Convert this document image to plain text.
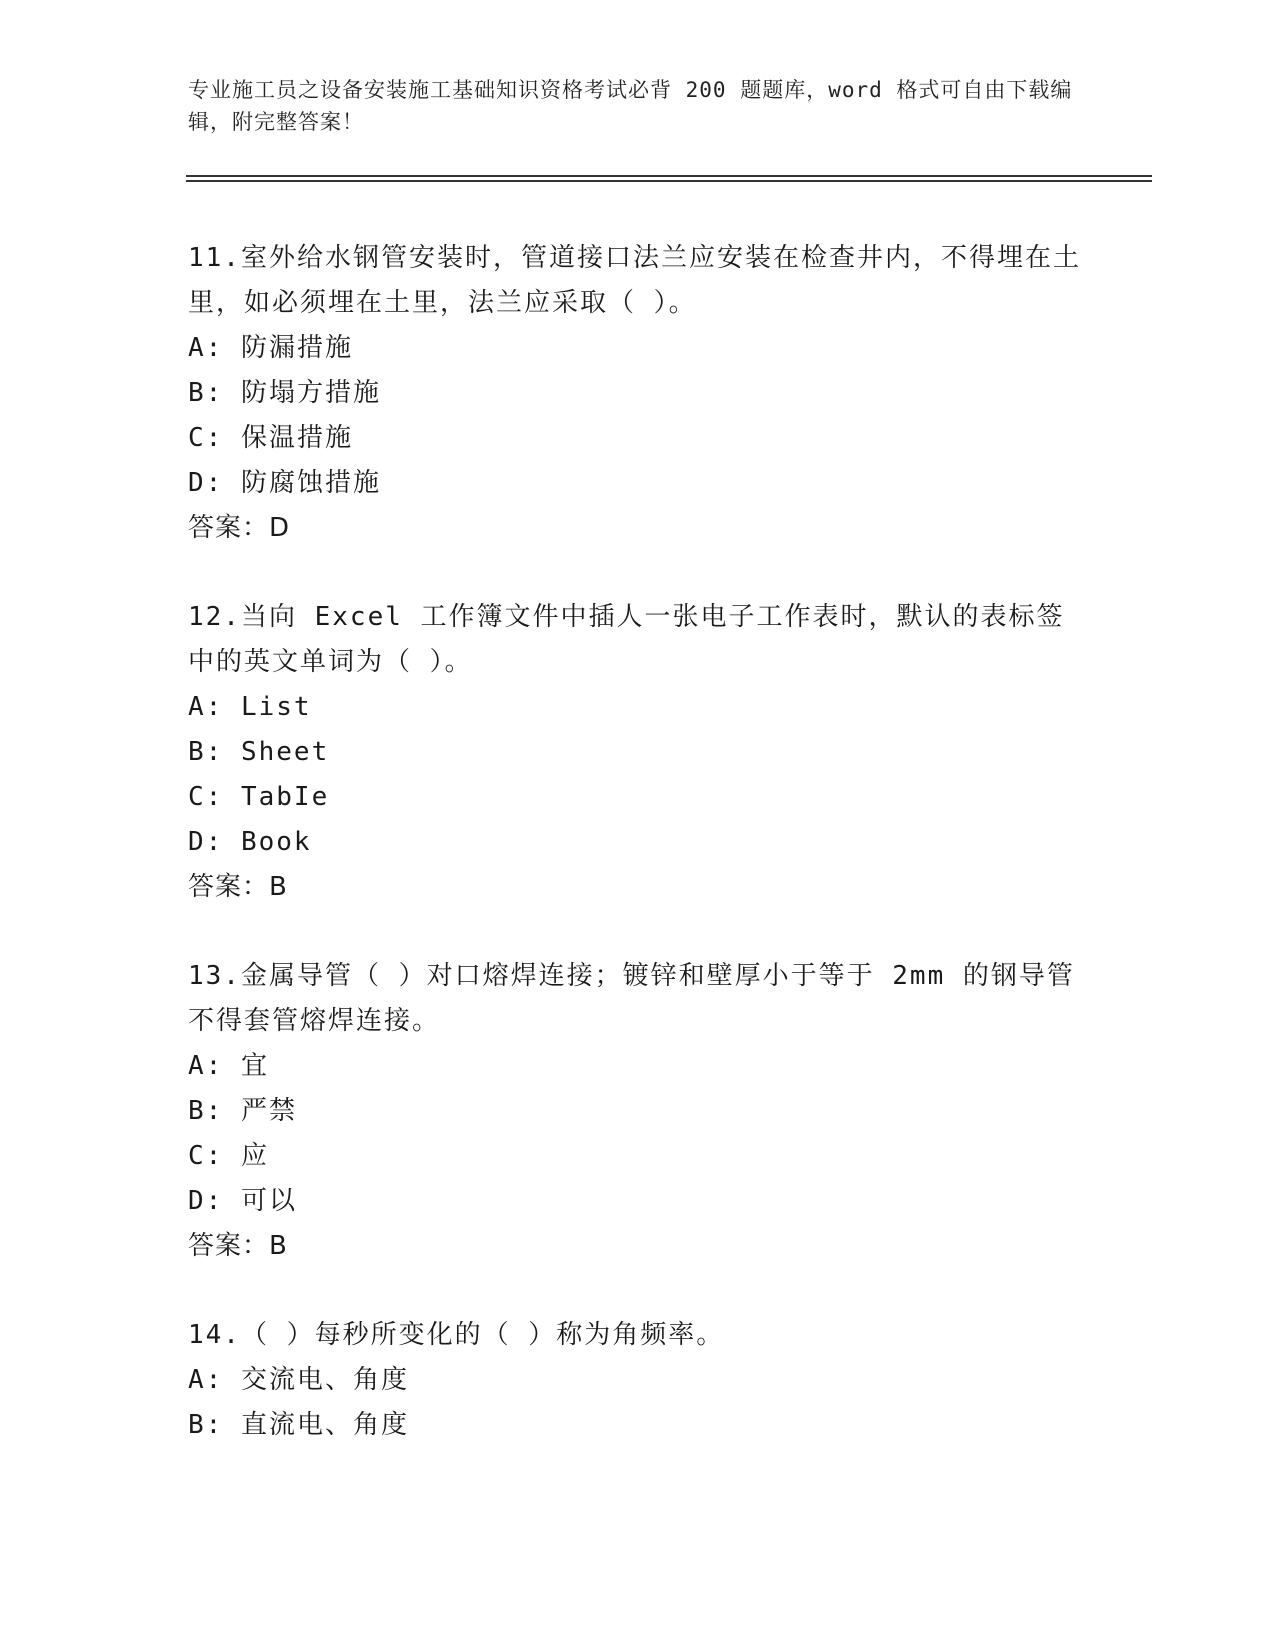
专业施工员之设备安装施工基础知识资格考试必背 200 题题库，word 格式可自由下载编辑，附完整答案！

11.室外给水钢管安装时，管道接口法兰应安装在检查井内，不得埋在土里，如必须埋在土里，法兰应采取（ ）。

A: 防漏措施
B: 防塌方措施
C: 保温措施
D: 防腐蚀措施
答案：D

12.当向 Excel 工作簿文件中插人一张电子工作表时，默认的表标签中的英文单词为（ ）。

A: List
B: Sheet
C: TabIe
D: Book
答案：B

13.金属导管（ ）对口熔焊连接；镀锌和壁厚小于等于 2mm 的钢导管不得套管熔焊连接。

A: 宜
B: 严禁
C: 应
D: 可以
答案：B

14.（ ）每秒所变化的（ ）称为角频率。

A: 交流电、角度
B: 直流电、角度
